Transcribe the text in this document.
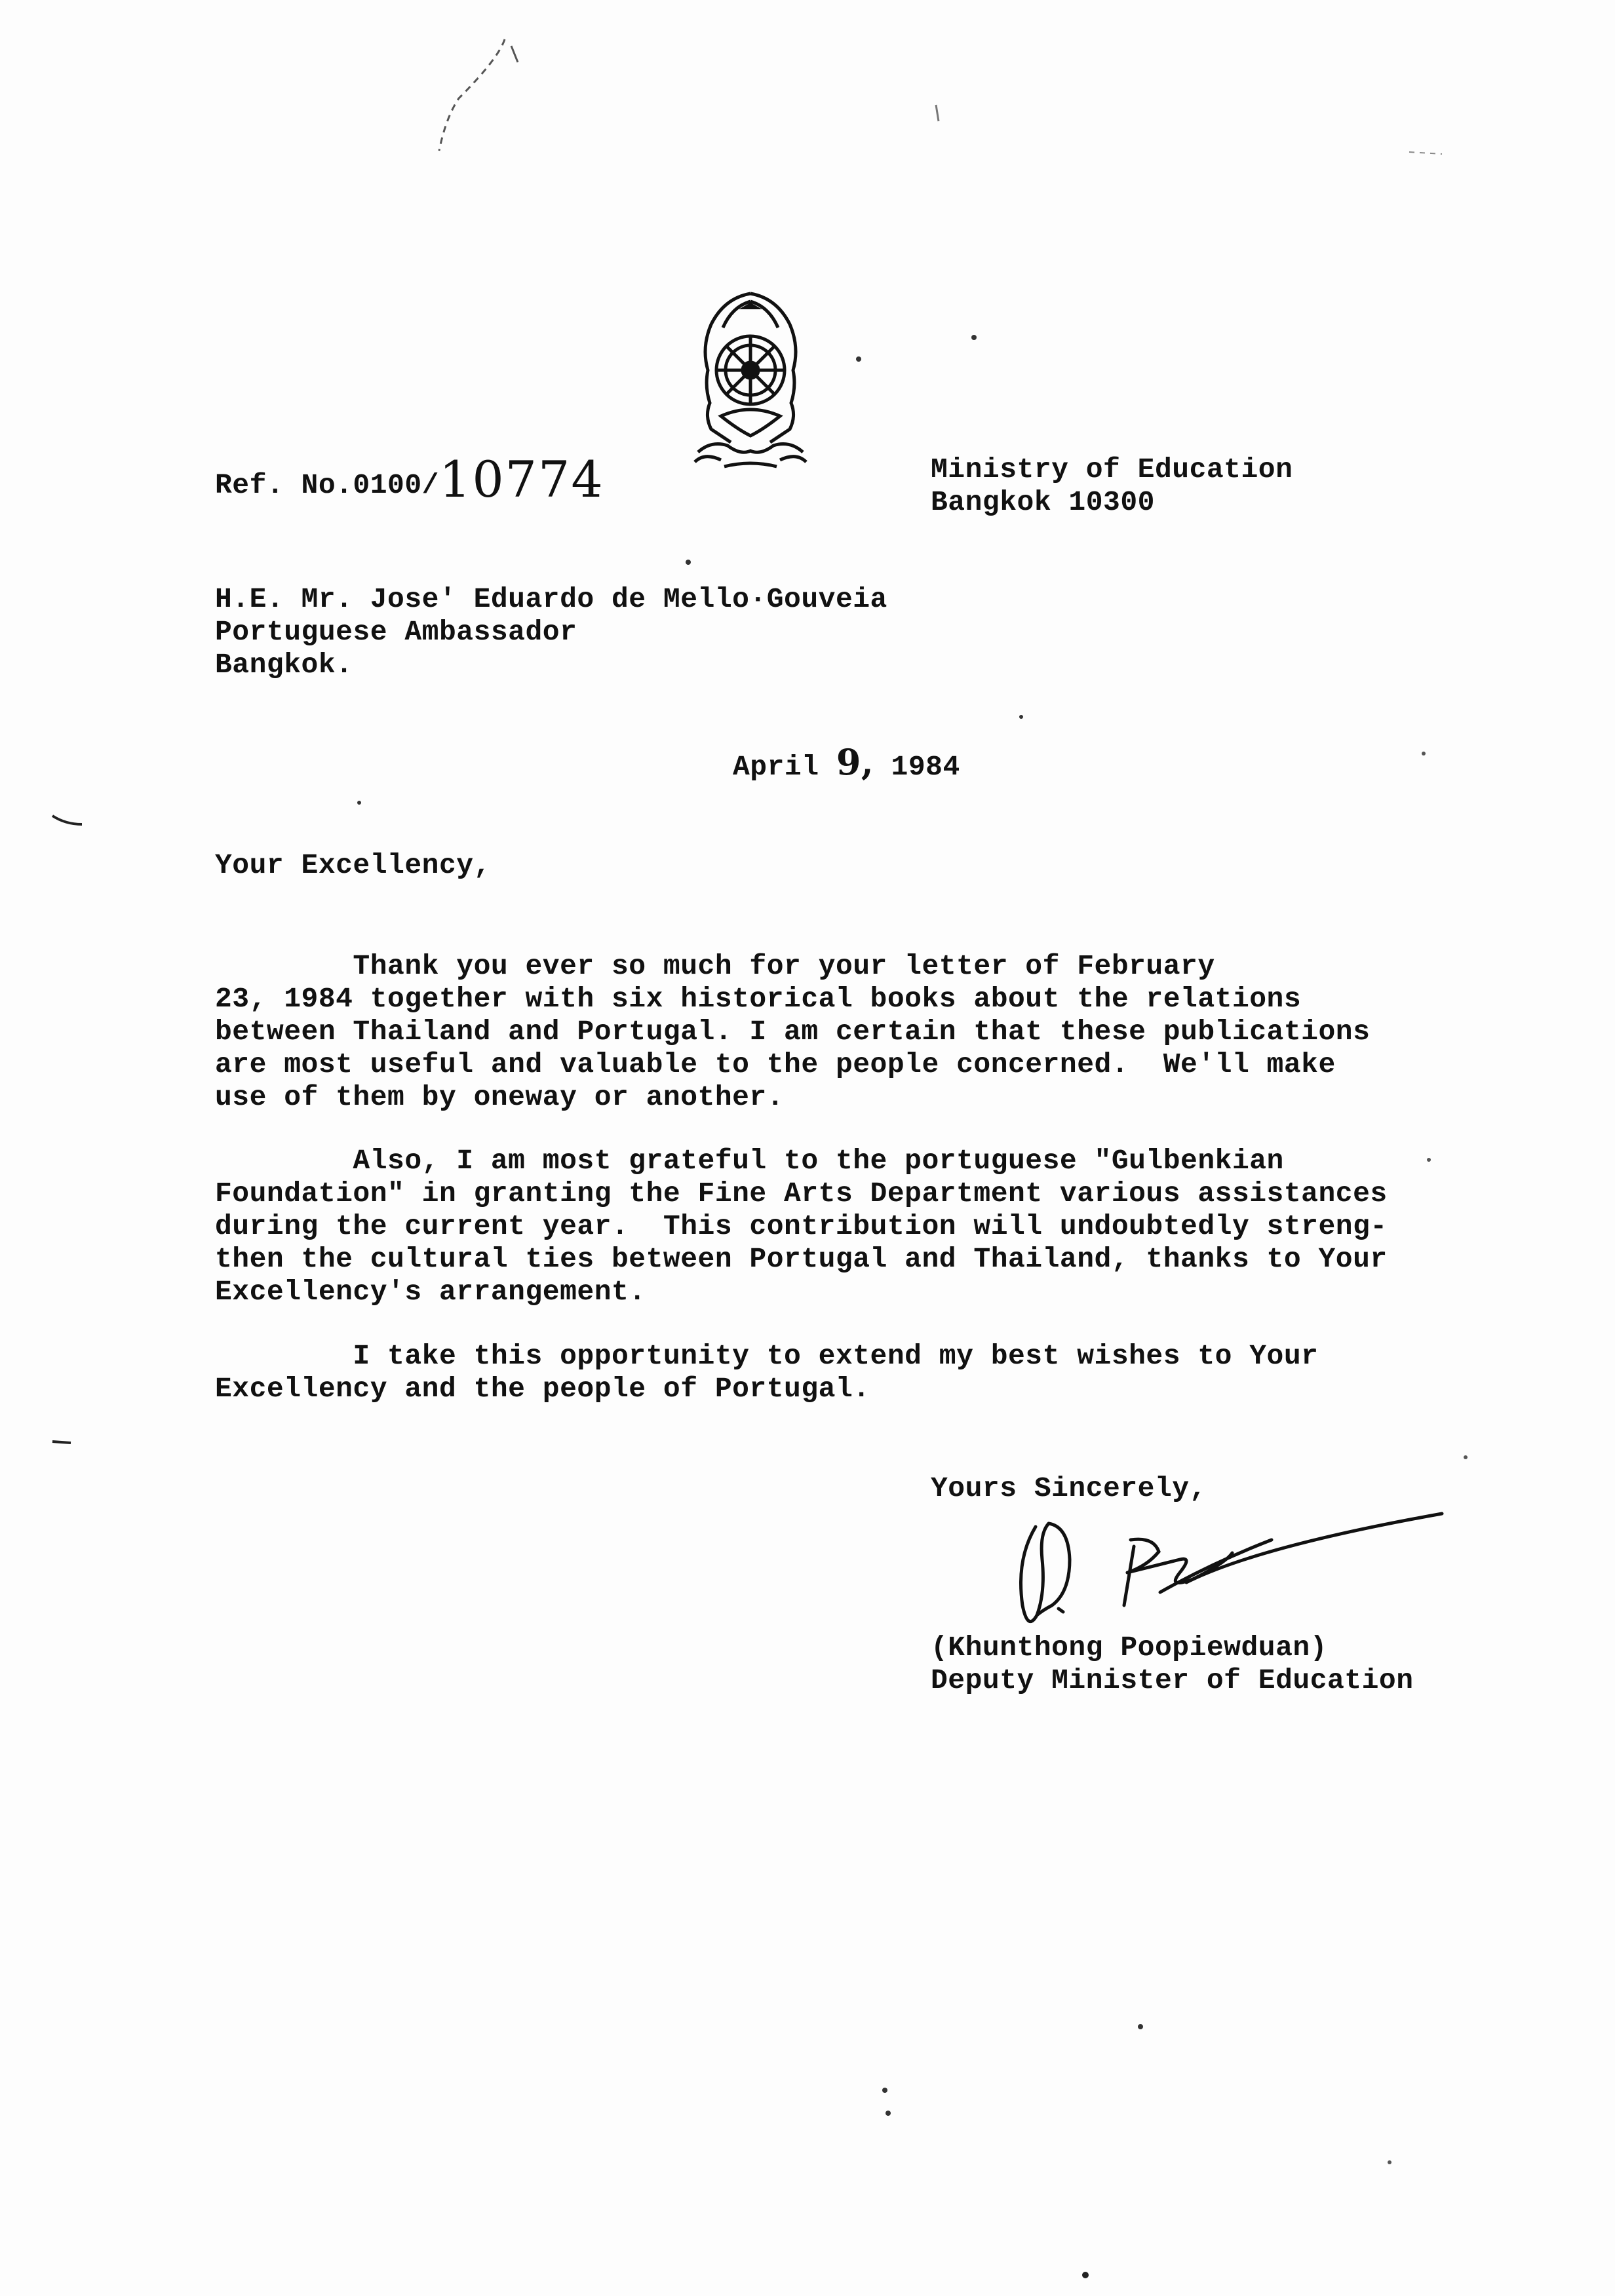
Ref. No.0100/10774	Ministry of Education
Bangkok 10300
H.E. Mr. Jose' Eduardo de Mello·Gouveia
Portuguese Ambassador
Bangkok.
April 9, 1984
Your Excellency,
Thank you ever so much for your letter of February
23, 1984 together with six historical books about the relations
between Thailand and Portugal. I am certain that these publications
are most useful and valuable to the people concerned.  We'll make
use of them by oneway or another.
Also, I am most grateful to the portuguese "Gulbenkian
Foundation" in granting the Fine Arts Department various assistances
during the current year.  This contribution will undoubtedly streng-
then the cultural ties between Portugal and Thailand, thanks to Your
Excellency's arrangement.
I take this opportunity to extend my best wishes to Your
Excellency and the people of Portugal.
Yours Sincerely,
(Khunthong Poopiewduan)
Deputy Minister of Education
